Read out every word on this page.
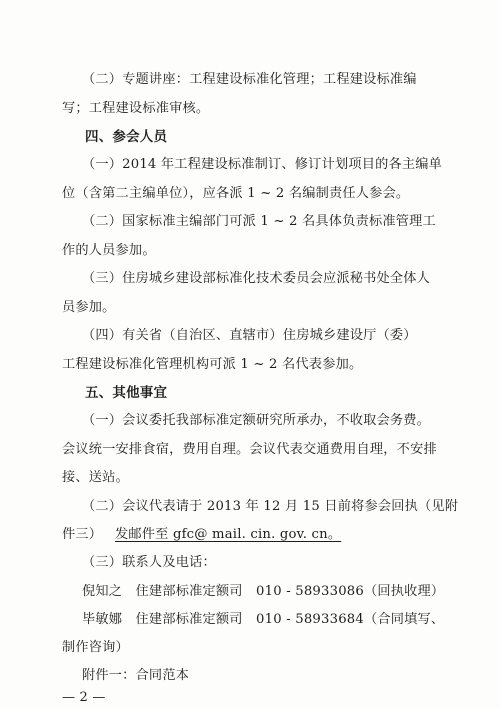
（二）专题讲座：工程建设标准化管理；工程建设标准编
写；工程建设标准审核。
四、参会人员
（一）2014 年工程建设标准制订、修订计划项目的各主编单
位（含第二主编单位），应各派 1 ~ 2 名编制责任人参会。
（二）国家标准主编部门可派 1 ~ 2 名具体负责标准管理工
作的人员参加。
（三）住房城乡建设部标准化技术委员会应派秘书处全体人
员参加。
（四）有关省（自治区、直辖市）住房城乡建设厅（委）
工程建设标准化管理机构可派 1 ~ 2 名代表参加。
五、其他事宜
（一）会议委托我部标准定额研究所承办，不收取会务费。
会议统一安排食宿，费用自理。会议代表交通费用自理，不安排
接、送站。
（二）会议代表请于 2013 年 12 月 15 日前将参会回执（见附
件三） 发邮件至 gfc@ mail. cin. gov. cn。
（三）联系人及电话：
倪知之　住建部标准定额司　010 - 58933086（回执收理）
毕敏娜　住建部标准定额司　010 - 58933684（合同填写、
制作咨询）
附件一：合同范本
— 2 —
